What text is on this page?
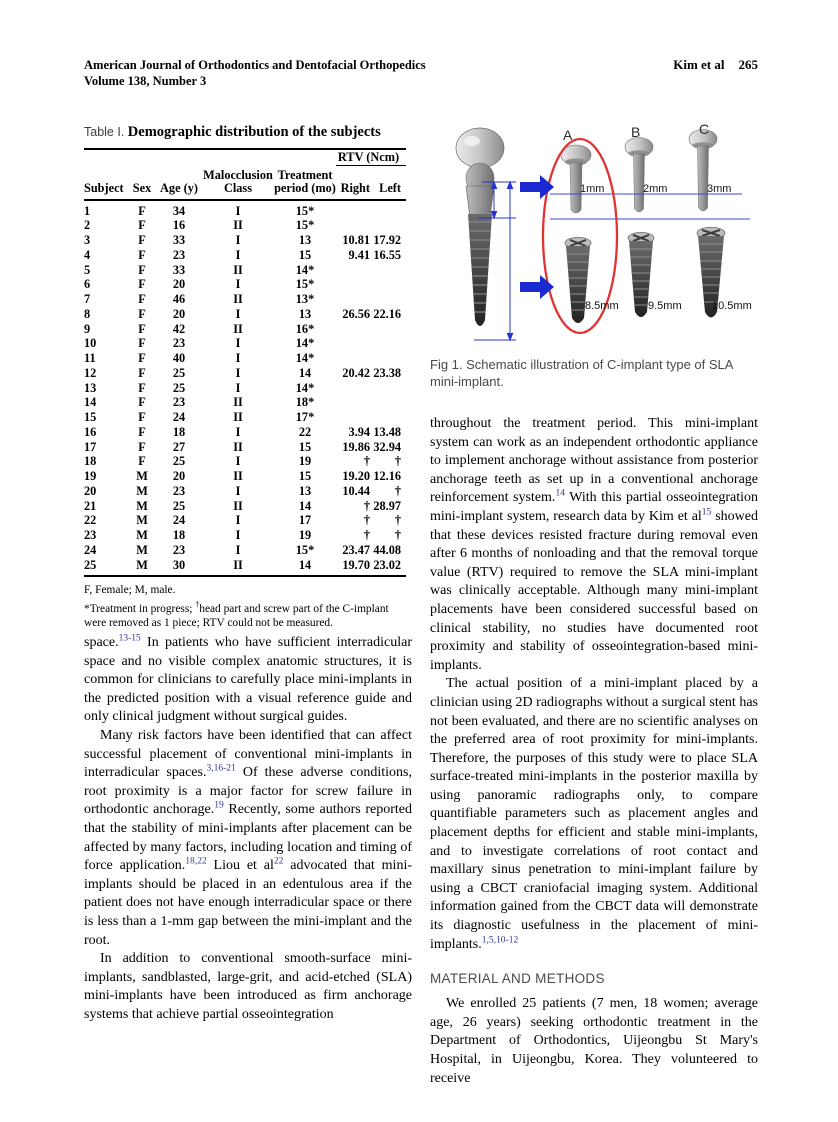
American Journal of Orthodontics and Dentofacial Orthopedics
Volume 138, Number 3
Kim et al 265
Table I. Demographic distribution of the subjects
					RTV (Ncm)	
Subject	Sex	Age (y)	Malocclusion Class	Treatment period (mo)	Right	Left
1	F	34	I	15*		
2	F	16	II	15*		
3	F	33	I	13	10.81	17.92
4	F	23	I	15	9.41	16.55
5	F	33	II	14*		
6	F	20	I	15*		
7	F	46	II	13*		
8	F	20	I	13	26.56	22.16
9	F	42	II	16*		
10	F	23	I	14*		
11	F	40	I	14*		
12	F	25	I	14	20.42	23.38
13	F	25	I	14*		
14	F	23	II	18*		
15	F	24	II	17*		
16	F	18	I	22	3.94	13.48
17	F	27	II	15	19.86	32.94
18	F	25	I	19	†	†
19	M	20	II	15	19.20	12.16
20	M	23	I	13	10.44	†
21	M	25	II	14	†	28.97
22	M	24	I	17	†	†
23	M	18	I	19	†	†
24	M	23	I	15*	23.47	44.08
25	M	30	II	14	19.70	23.02

F, Female; M, male.

*Treatment in progress; †head part and screw part of the C-implant were removed as 1 piece; RTV could not be measured.

space.$^{13-15}$ In patients who have sufficient interradicular space and no visible complex anatomic structures, it is common for clinicians to carefully place mini-implants in the predicted position with a visual reference guide and only clinical judgment without surgical guides.

Many risk factors have been identified that can affect successful placement of conventional mini-implants in interradicular spaces.$^{3,16-21}$ Of these adverse conditions, root proximity is a major factor for screw failure in orthodontic anchorage.$^{19}$ Recently, some authors reported that the stability of mini-implants after placement can be affected by many factors, including location and timing of force application.$^{18,22}$ Liou et $al^{22}$ advocated that mini-implants should be placed in an edentulous area if the patient does not have enough interradicular space or there is less than a 1-mm gap between the mini-implant and the root.

In addition to conventional smooth-surface mini-implants, sandblasted, large-grit, and acid-etched (SLA) mini-implants have been introduced as firm anchorage systems that achieve partial osseointegration

A	B	C
1mm	2mm	3mm
8.5mm	9.5mm	10.5mm
Fig 1. Schematic illustration of C-implant type of SLA mini-implant.

throughout the treatment period. This mini-implant system can work as an independent orthodontic appliance to implement anchorage without assistance from posterior anchorage teeth as set up in a conventional anchorage reinforcement system.$^{14}$ With this partial osseointegration mini-implant system, research data by Kim et $al^{15}$ showed that these devices resisted fracture during removal even after 6 months of nonloading and that the removal torque value (RTV) required to remove the SLA mini-implant was clinically acceptable. Although many mini-implant placements have been considered successful based on clinical stability, no studies have documented root proximity and stability of osseointegration-based mini-implants.

The actual position of a mini-implant placed by a clinician using 2D radiographs without a surgical stent has not been evaluated, and there are no scientific analyses on the preferred area of root proximity for mini-implants. Therefore, the purposes of this study were to place SLA surface-treated mini-implants in the posterior maxilla by using panoramic radiographs only, to compare quantifiable parameters such as placement angles and placement depths for efficient and stable mini-implants, and to investigate correlations of root contact and maxillary sinus penetration to mini-implant failure by using a CBCT craniofacial imaging system. Additional information gained from the CBCT data will demonstrate its diagnostic usefulness in the placement of mini-implants.$^{1,5,10-12}$

MATERIAL AND METHODS

We enrolled 25 patients (7 men, 18 women; average age, 26 years) seeking orthodontic treatment in the Department of Orthodontics, Uijeongbu St Mary's Hospital, in Uijeongbu, Korea. They volunteered to receive
